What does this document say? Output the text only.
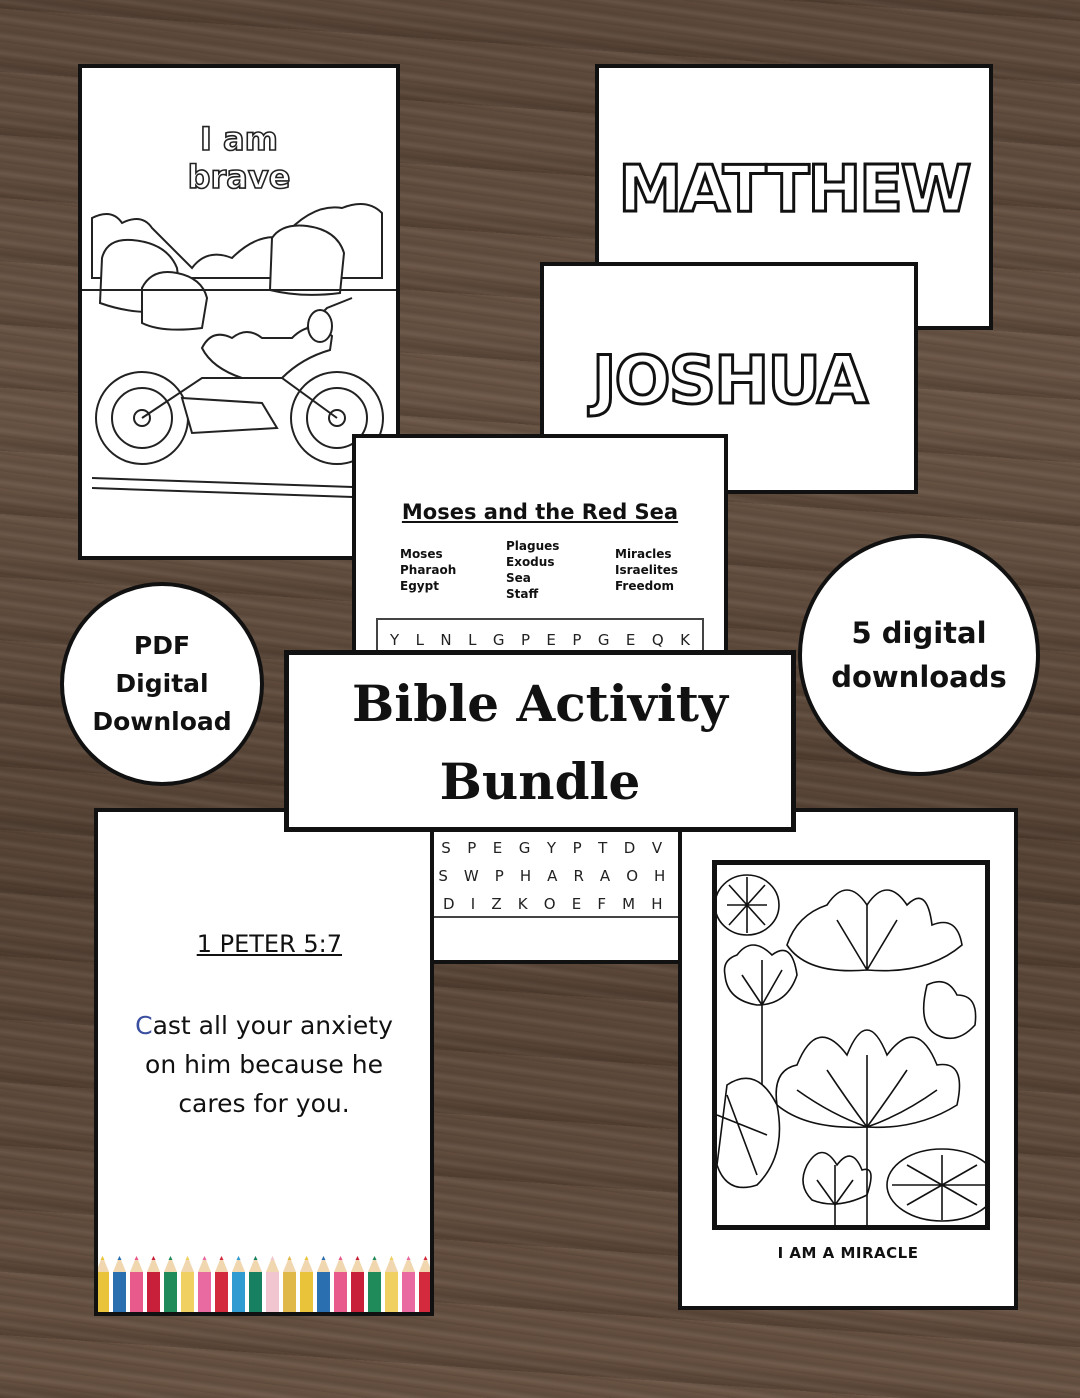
I am
brave	MATTHEW
JOSHUA
Moses and the Red Sea
Moses
Pharaoh
Egypt
Plagues
Exodus
Sea
Staff
Miracles
Israelites
Freedom
Y L N L G P E P G E Q K
S P E G Y P T D V
S W P H A R A O H
D I Z K O E F M H
PDF
Digital
Download
5 digital
downloads
1 PETER 5:7
Cast all your anxiety
on him because he
cares for you.
I AM A MIRACLE
Bible Activity
Bundle
